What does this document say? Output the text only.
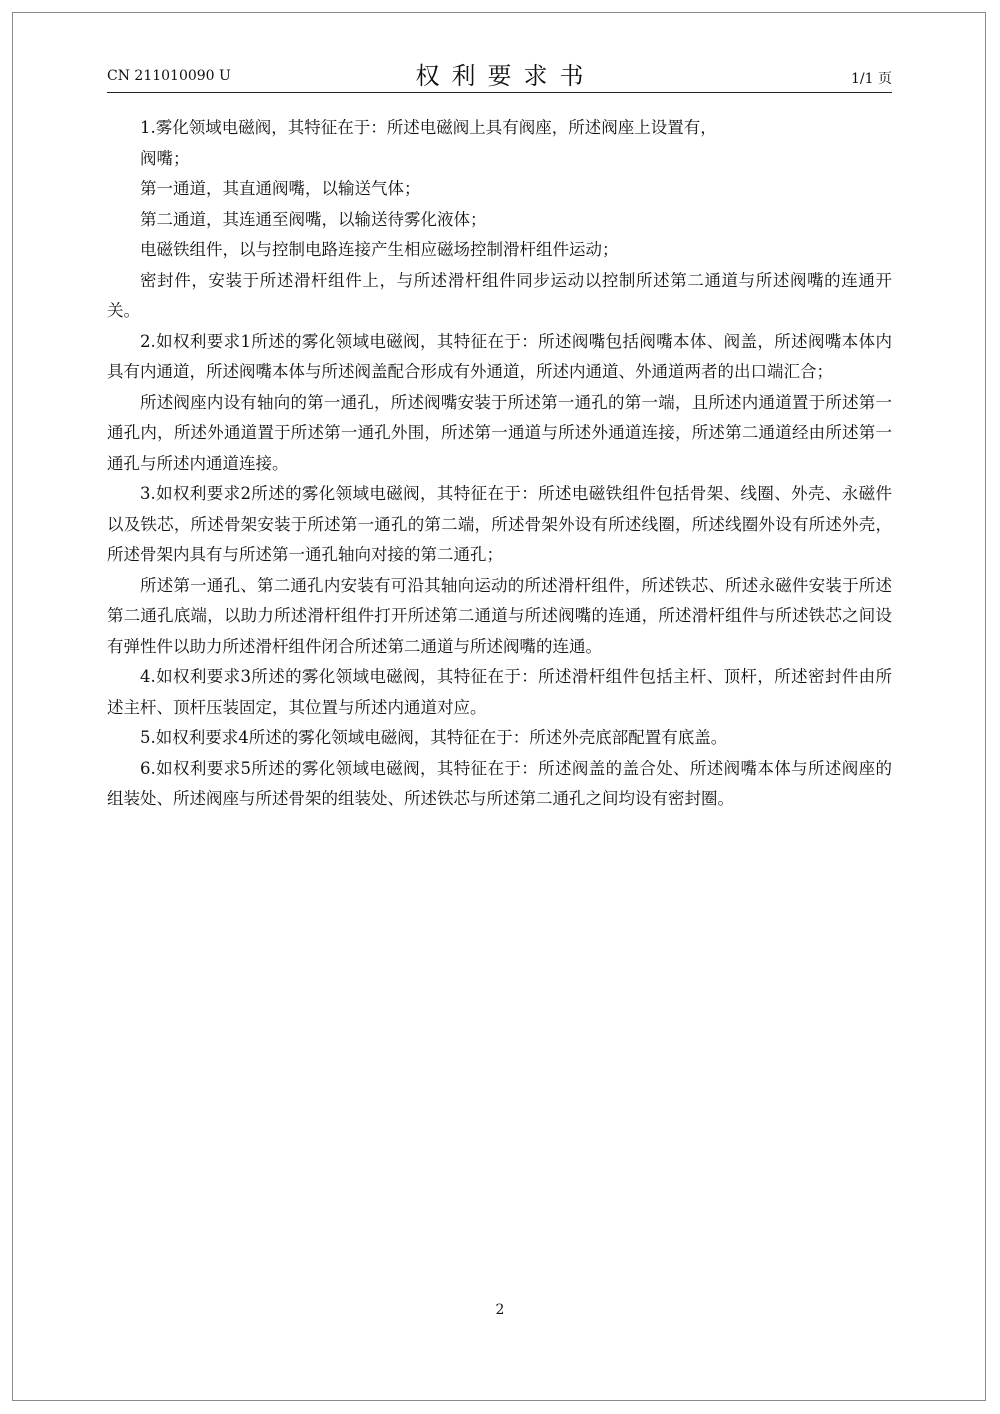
CN 211010090 U	权利要求书	1/1 页

1.雾化领域电磁阀，其特征在于：所述电磁阀上具有阀座，所述阀座上设置有，

阀嘴；

第一通道，其直通阀嘴，以输送气体；

第二通道，其连通至阀嘴，以输送待雾化液体；

电磁铁组件，以与控制电路连接产生相应磁场控制滑杆组件运动；

密封件，安装于所述滑杆组件上，与所述滑杆组件同步运动以控制所述第二通道与所述阀嘴的连通开关。

2.如权利要求1所述的雾化领域电磁阀，其特征在于：所述阀嘴包括阀嘴本体、阀盖，所述阀嘴本体内具有内通道，所述阀嘴本体与所述阀盖配合形成有外通道，所述内通道、外通道两者的出口端汇合；

所述阀座内设有轴向的第一通孔，所述阀嘴安装于所述第一通孔的第一端，且所述内通道置于所述第一通孔内，所述外通道置于所述第一通孔外围，所述第一通道与所述外通道连接，所述第二通道经由所述第一通孔与所述内通道连接。

3.如权利要求2所述的雾化领域电磁阀，其特征在于：所述电磁铁组件包括骨架、线圈、外壳、永磁件以及铁芯，所述骨架安装于所述第一通孔的第二端，所述骨架外设有所述线圈，所述线圈外设有所述外壳，所述骨架内具有与所述第一通孔轴向对接的第二通孔；

所述第一通孔、第二通孔内安装有可沿其轴向运动的所述滑杆组件，所述铁芯、所述永磁件安装于所述第二通孔底端，以助力所述滑杆组件打开所述第二通道与所述阀嘴的连通，所述滑杆组件与所述铁芯之间设有弹性件以助力所述滑杆组件闭合所述第二通道与所述阀嘴的连通。

4.如权利要求3所述的雾化领域电磁阀，其特征在于：所述滑杆组件包括主杆、顶杆，所述密封件由所述主杆、顶杆压装固定，其位置与所述内通道对应。

5.如权利要求4所述的雾化领域电磁阀，其特征在于：所述外壳底部配置有底盖。

6.如权利要求5所述的雾化领域电磁阀，其特征在于：所述阀盖的盖合处、所述阀嘴本体与所述阀座的组装处、所述阀座与所述骨架的组装处、所述铁芯与所述第二通孔之间均设有密封圈。

2
